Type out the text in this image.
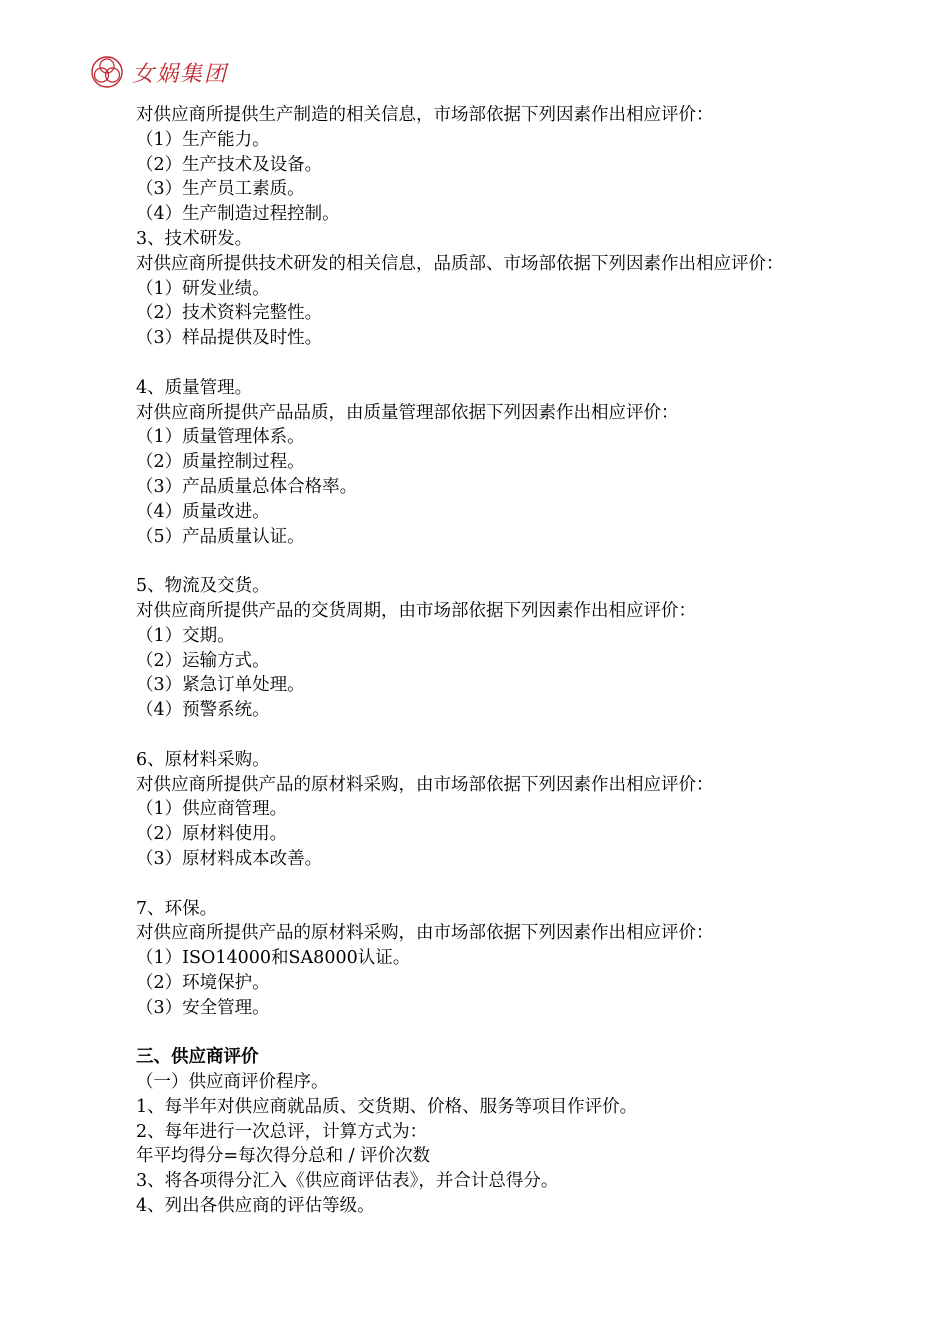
女娲集团
对供应商所提供生产制造的相关信息，市场部依据下列因素作出相应评价：
（1）生产能力。
（2）生产技术及设备。
（3）生产员工素质。
（4）生产制造过程控制。
3、技术研发。
对供应商所提供技术研发的相关信息，品质部、市场部依据下列因素作出相应评价：
（1）研发业绩。
（2）技术资料完整性。
（3）样品提供及时性。
4、质量管理。
对供应商所提供产品品质，由质量管理部依据下列因素作出相应评价：
（1）质量管理体系。
（2）质量控制过程。
（3）产品质量总体合格率。
（4）质量改进。
（5）产品质量认证。
5、物流及交货。
对供应商所提供产品的交货周期，由市场部依据下列因素作出相应评价：
（1）交期。
（2）运输方式。
（3）紧急订单处理。
（4）预警系统。
6、原材料采购。
对供应商所提供产品的原材料采购，由市场部依据下列因素作出相应评价：
（1）供应商管理。
（2）原材料使用。
（3）原材料成本改善。
7、环保。
对供应商所提供产品的原材料采购，由市场部依据下列因素作出相应评价：
（1）ISO14000和SA8000认证。
（2）环境保护。
（3）安全管理。
三、供应商评价
（一）供应商评价程序。
1、每半年对供应商就品质、交货期、价格、服务等项目作评价。
2、每年进行一次总评，计算方式为：
年平均得分=每次得分总和 / 评价次数
3、将各项得分汇入《供应商评估表》，并合计总得分。
4、列出各供应商的评估等级。
